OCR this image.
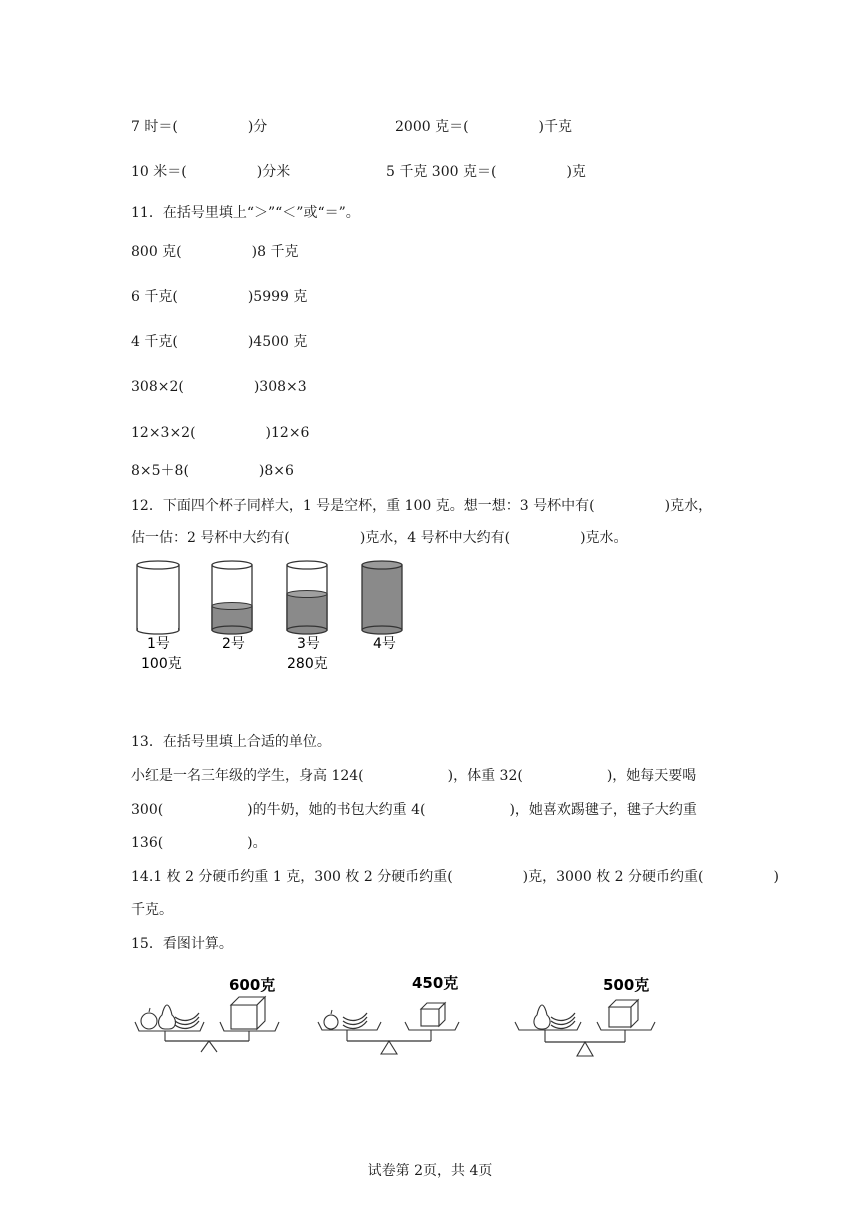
7 时＝(　　　　　)分	2000 克＝(　　　　　)千克
10 米＝(　　　　　)分米	5 千克 300 克＝(　　　　　)克
11．在括号里填上“＞”“＜”或“＝”。
800 克(　　　　　)8 千克
6 千克(　　　　　)5999 克
4 千克(　　　　　)4500 克
308×2(　　　　　)308×3
12×3×2(　　　　　)12×6
8×5＋8(　　　　　)8×6
12．下面四个杯子同样大，1 号是空杯，重 100 克。想一想：3 号杯中有(　　　　　)克水，
估一估：2 号杯中大约有(　　　　　)克水，4 号杯中大约有(　　　　　)克水。
1号
100克
2号	3号
280克
4号
13．在括号里填上合适的单位。
小红是一名三年级的学生，身高 124(　　　　　　)，体重 32(　　　　　　)，她每天要喝
300(　　　　　　)的牛奶，她的书包大约重 4(　　　　　　)，她喜欢踢毽子，毽子大约重
136(　　　　　　)。
14.1 枚 2 分硬币约重 1 克，300 枚 2 分硬币约重(　　　　　)克，3000 枚 2 分硬币约重(　　　　　)
千克。
15．看图计算。
600克	450克	500克
试卷第 2页，共 4页
